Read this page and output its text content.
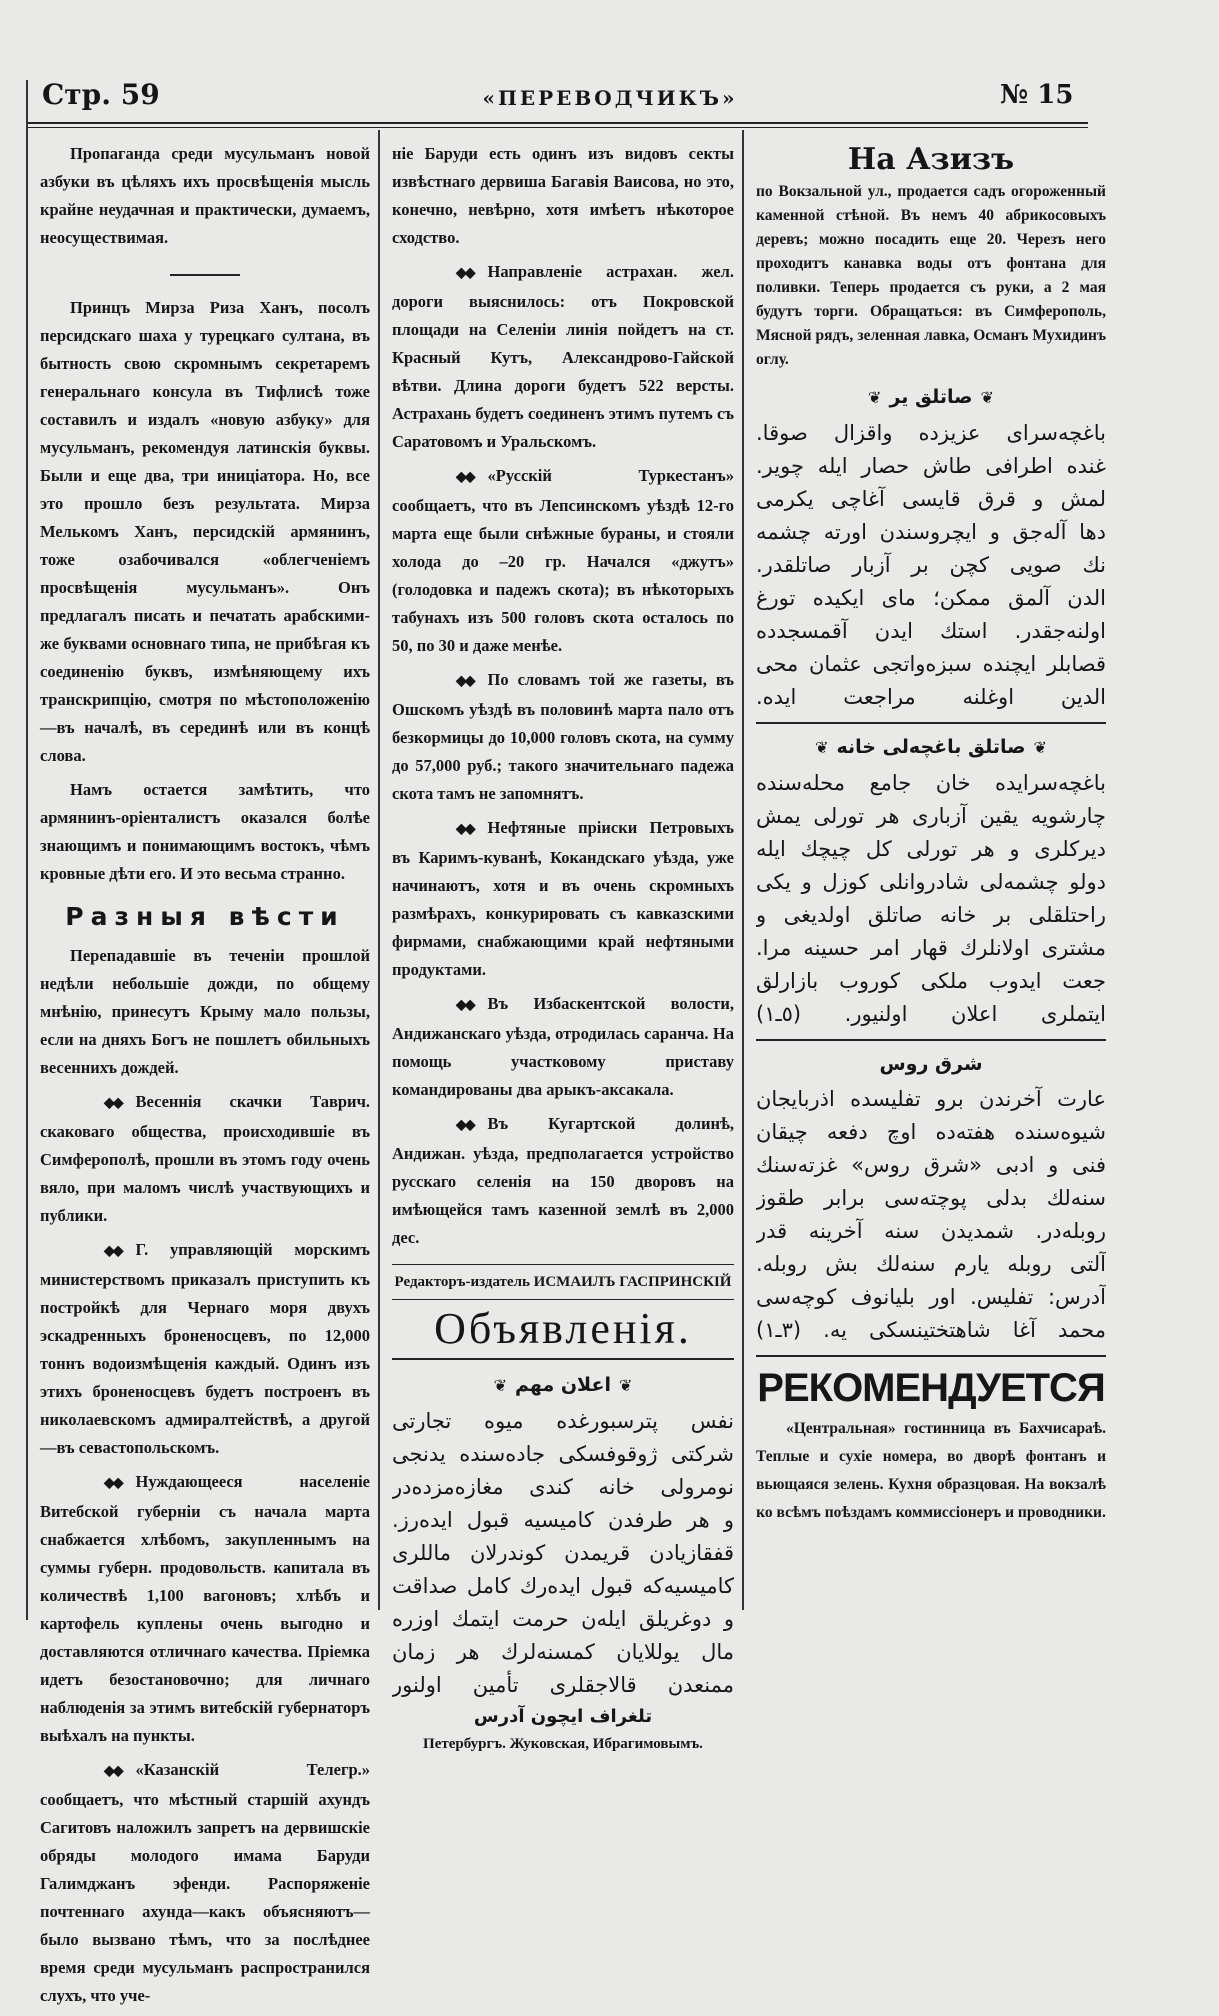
Стр. 59	«ПЕРЕВОДЧИКЪ»	№ 15

Пропаганда среди мусульманъ новой азбуки въ цѣляхъ ихъ просвѣщенія мысль крайне неудачная и практически, думаемъ, неосуществимая.

Принцъ Мирза Риза Ханъ, посолъ персидскаго шаха у турецкаго султана, въ бытность свою скромнымъ секретаремъ генеральнаго консула въ Тифлисѣ тоже составилъ и издалъ «новую азбуку» для мусульманъ, рекомендуя латинскія буквы. Были и еще два, три иниціатора. Но, все это прошло безъ результата. Мирза Мелькомъ Ханъ, персидскій армянинъ, тоже озабочивался «облегченіемъ просвѣщенія мусульманъ». Онъ предлагалъ писать и печатать арабскими-же буквами основнаго типа, не прибѣгая къ соединенію буквъ, измѣняющему ихъ транскрипцію, смотря по мѣстоположенію—въ началѣ, въ серединѣ или въ концѣ слова.

Намъ остается замѣтить, что армянинъ-оріенталистъ оказался болѣе знающимъ и понимающимъ востокъ, чѣмъ кровные дѣти его. И это весьма странно.

Разныя вѣсти

Перепадавшіе въ теченіи прошлой недѣли небольшіе дожди, по общему мнѣнію, принесутъ Крыму мало пользы, если на дняхъ Богъ не пошлетъ обильныхъ весеннихъ дождей.

◆◆ Весеннія скачки Таврич. скаковаго общества, происходившіе въ Симферополѣ, прошли въ этомъ году очень вяло, при маломъ числѣ участвующихъ и публики.

◆◆ Г. управляющій морскимъ министерствомъ приказалъ приступить къ постройкѣ для Чернаго моря двухъ эскадренныхъ броненосцевъ, по 12,000 тоннъ водоизмѣщенія каждый. Одинъ изъ этихъ броненосцевъ будетъ построенъ въ николаевскомъ адмиралтействѣ, а другой—въ севастопольскомъ.

◆◆ Нуждающееся населеніе Витебской губерніи съ начала марта снабжается хлѣбомъ, закупленнымъ на суммы губерн. продовольств. капитала въ количествѣ 1,100 вагоновъ; хлѣбъ и картофель куплены очень выгодно и доставляются отличнаго качества. Пріемка идетъ безостановочно; для личнаго наблюденія за этимъ витебскій губернаторъ выѣхалъ на пункты.

◆◆ «Казанскій Телегр.» сообщаетъ, что мѣстный старшій ахундъ Сагитовъ наложилъ запретъ на дервишскіе обряды молодого имама Баруди Галимджанъ эфенди. Распоряженіе почтеннаго ахунда—какъ объясняютъ—было вызвано тѣмъ, что за послѣднее время среди мусульманъ распространился слухъ, что уче-

ніе Баруди есть одинъ изъ видовъ секты извѣстнаго дервиша Багавія Ваисова, но это, конечно, невѣрно, хотя имѣетъ нѣкоторое сходство.

◆◆ Направленіе астрахан. жел. дороги выяснилось: отъ Покровской площади на Селеніи линія пойдетъ на ст. Красный Кутъ, Александрово-Гайской вѣтви. Длина дороги будетъ 522 версты. Астрахань будетъ соединенъ этимъ путемъ съ Саратовомъ и Уральскомъ.

◆◆ «Русскій Туркестанъ» сообщаетъ, что въ Лепсинскомъ уѣздѣ 12-го марта еще были снѣжные бураны, и стояли холода до –20 гр. Начался «джутъ» (голодовка и падежъ скота); въ нѣкоторыхъ табунахъ изъ 500 головъ скота осталось по 50, по 30 и даже менѣе.

◆◆ По словамъ той же газеты, въ Ошскомъ уѣздѣ въ половинѣ марта пало отъ безкормицы до 10,000 головъ скота, на сумму до 57,000 руб.; такого значительнаго падежа скота тамъ не запомнятъ.

◆◆ Нефтяные пріиски Петровыхъ въ Каримъ-куванѣ, Кокандскаго уѣзда, уже начинаютъ, хотя и въ очень скромныхъ размѣрахъ, конкурировать съ кавказскими фирмами, снабжающими край нефтяными продуктами.

◆◆ Въ Избаскентской волости, Андижанскаго уѣзда, отродилась саранча. На помощь участковому приставу командированы два арыкъ-аксакала.

◆◆ Въ Кугартской долинѣ, Андижан. уѣзда, предполагается устройство русскаго селенія на 150 дворовъ на имѣющейся тамъ казенной землѣ въ 2,000 дес.

Редакторъ-издатель ИСМАИЛЪ ГАСПРИНСКІЙ
Объявленія.
❦اعلان مهم❦
نفس پترسبورغده میوه تجارتی
شرکتی ژوقوفسکی جاده‌سنده یدنجی
نومرولی خانه کندی مغازه‌مزده‌در
و هر طرفدن کامیسیه قبول ایده‌رز.
قفقازیادن قریمدن کوندرلان ماللری
کامیسیه‌که قبول ایده‌رك کامل صداقت
و دوغریلق ایلەن حرمت ایتمك اوزره
مال یوللایان کمسنه‌لرك هر زمان
ممنعدن قالاجقلری تأمین اولنور
تلغراف ایچون آدرس
Петербургъ. Жуковская, Ибрагимовымъ.
На Азизъ

по Вокзальной ул., продается садъ огороженный каменной стѣной. Въ немъ 40 абрикосовыхъ деревъ; можно посадить еще 20. Черезъ него проходитъ канавка воды отъ фонтана для поливки. Теперь продается съ руки, а 2 мая будутъ торги. Обращаться: въ Симферополь, Мясной рядъ, зеленная лавка, Османъ Мухидинъ оглу.

❦صاتلق یر❦
باغچه‌سرای عزیزده واقزال صوقا.
غنده اطرافی طاش حصار ایله چویر.
لمش و قرق قایسی آغاچی یکرمی
دها آله‌جق و ایچروسندن اورته چشمه
نك صویی کچن بر آزبار صاتلقدر.
الدن آلمق ممکن؛ مای ایکیده تورغ
اولنه‌جقدر. استك ایدن آقمسجدده
قصابلر ایچنده سبزه‌واتجی عثمان محی
الدین اوغلنه مراجعت ایده.
❦صاتلق باغچه‌لی خانه❦
باغچه‌سرایده خان جامع محله‌سنده
چارشویه یقین آزباری هر تورلی یمش
دیرکلری و هر تورلی کل چیچك ایله
دولو چشمه‌لی شادروانلی کوزل و یکی
راحتلقلی بر خانه صاتلق اولدیغی و
مشتری اولانلرك قهار امر حسینه مرا.
جعت ایدوب ملکی کوروب بازارلق
ایتملری اعلان اولنیور. (٥ـ١)
شرق روس
عارت آخرندن برو تفلیسده اذربایجان
شیوه‌سنده هفته‌ده اوچ دفعه چیقان
فنی و ادبی «شرق روس» غزته‌سنك
سنه‌لك بدلی پوچته‌سی برابر طقوز
روبله‌در. شمدیدن سنه آخرینه قدر
آلتی روبله یارم سنه‌لك بش روبله.
آدرس: تفلیس. اور بلیانوف کوچه‌سی
محمد آغا شاهتختینسکی یه. (٣ـ١)
РЕКОМЕНДУЕТСЯ

«Центральная» гостинница въ Бахчисараѣ. Теплые и сухіе номера, во дворѣ фонтанъ и вьющаяся зелень. Кухня образцовая. На вокзалѣ ко всѣмъ поѣздамъ коммиссіонеръ и проводники.
